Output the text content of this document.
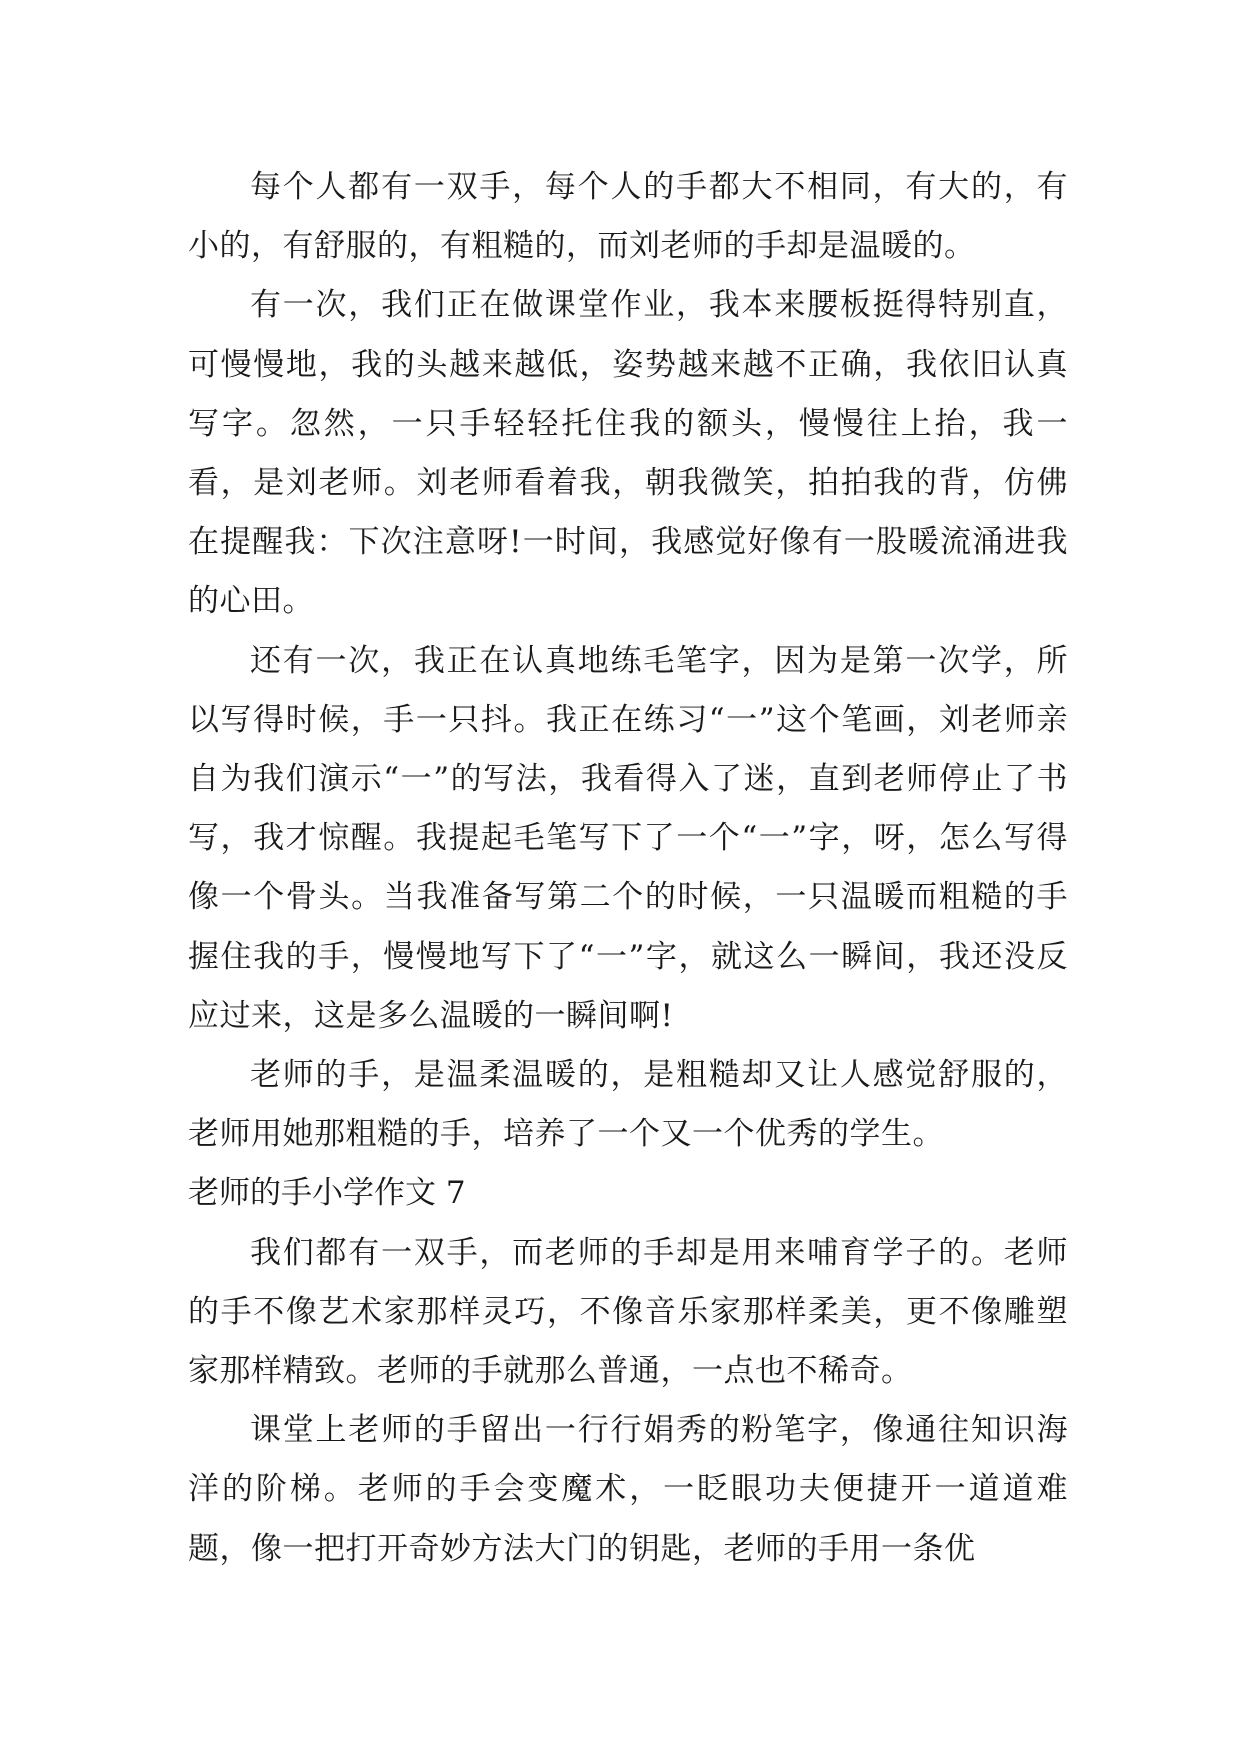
每个人都有一双手，每个人的手都大不相同，有大的，有小的，有舒服的，有粗糙的，而刘老师的手却是温暖的。

有一次，我们正在做课堂作业，我本来腰板挺得特别直，可慢慢地，我的头越来越低，姿势越来越不正确，我依旧认真写字。忽然，一只手轻轻托住我的额头，慢慢往上抬，我一看，是刘老师。刘老师看着我，朝我微笑，拍拍我的背，仿佛在提醒我：下次注意呀!一时间，我感觉好像有一股暖流涌进我的心田。

还有一次，我正在认真地练毛笔字，因为是第一次学，所以写得时候，手一只抖。我正在练习“一”这个笔画，刘老师亲自为我们演示“一”的写法，我看得入了迷，直到老师停止了书写，我才惊醒。我提起毛笔写下了一个“一”字，呀，怎么写得像一个骨头。当我准备写第二个的时候，一只温暖而粗糙的手握住我的手，慢慢地写下了“一”字，就这么一瞬间，我还没反应过来，这是多么温暖的一瞬间啊!

老师的手，是温柔温暖的，是粗糙却又让人感觉舒服的，老师用她那粗糙的手，培养了一个又一个优秀的学生。

老师的手小学作文 7

我们都有一双手，而老师的手却是用来哺育学子的。老师的手不像艺术家那样灵巧，不像音乐家那样柔美，更不像雕塑家那样精致。老师的手就那么普通，一点也不稀奇。

课堂上老师的手留出一行行娟秀的粉笔字，像通往知识海洋的阶梯。老师的手会变魔术，一眨眼功夫便捷开一道道难题，像一把打开奇妙方法大门的钥匙，老师的手用一条优
